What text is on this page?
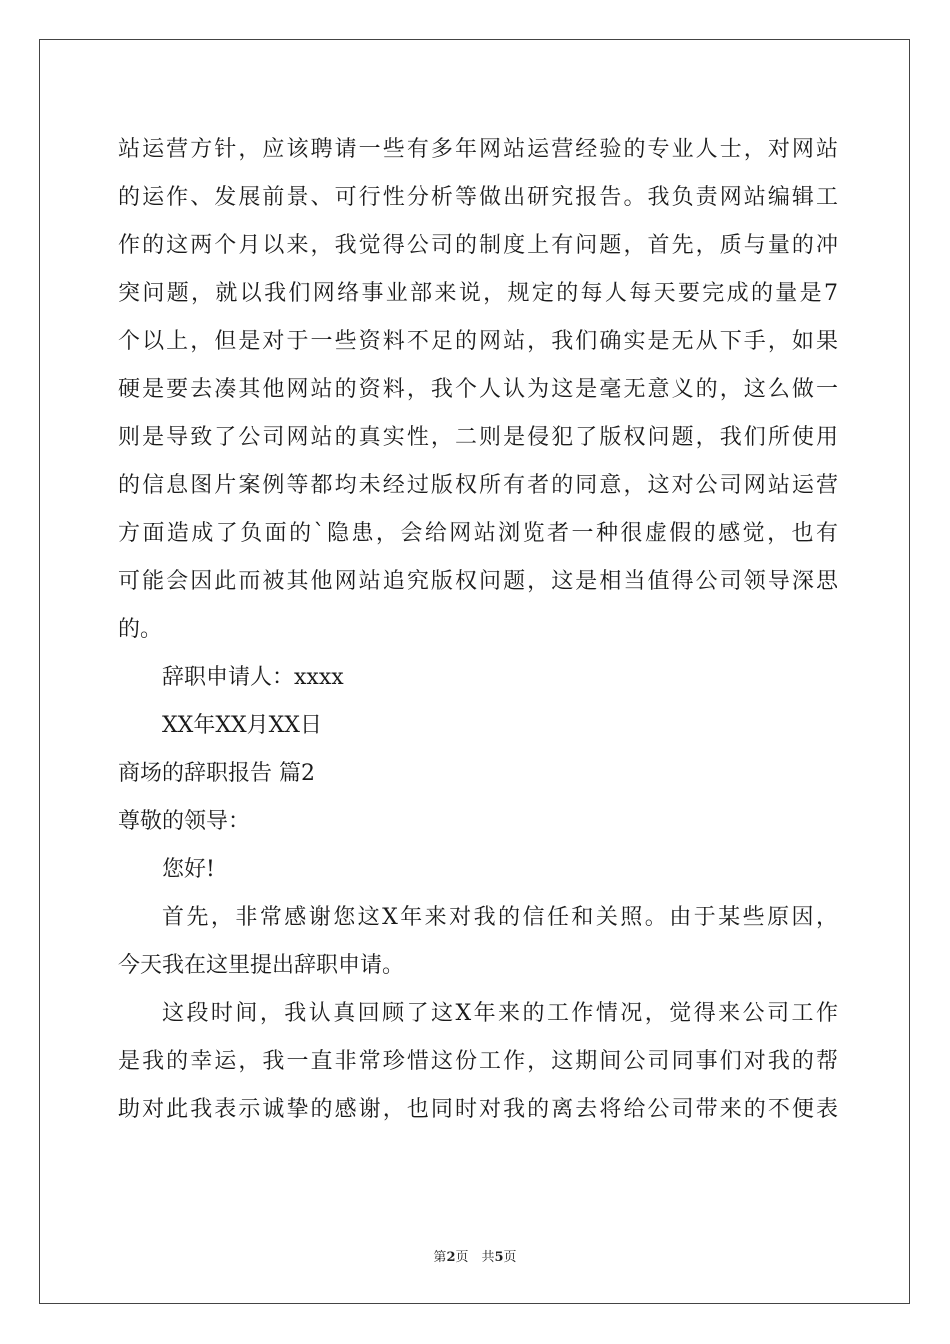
站运营方针，应该聘请一些有多年网站运营经验的专业人士，对网站
的运作、发展前景、可行性分析等做出研究报告。我负责网站编辑工
作的这两个月以来，我觉得公司的制度上有问题，首先，质与量的冲
突问题，就以我们网络事业部来说，规定的每人每天要完成的量是7
个以上，但是对于一些资料不足的网站，我们确实是无从下手，如果
硬是要去凑其他网站的资料，我个人认为这是毫无意义的，这么做一
则是导致了公司网站的真实性，二则是侵犯了版权问题，我们所使用
的信息图片案例等都均未经过版权所有者的同意，这对公司网站运营
方面造成了负面的`隐患，会给网站浏览者一种很虚假的感觉，也有
可能会因此而被其他网站追究版权问题，这是相当值得公司领导深思
的。
辞职申请人：xxxx
XX年XX月XX日
商场的辞职报告 篇2
尊敬的领导：
您好!
首先，非常感谢您这X年来对我的信任和关照。由于某些原因，
今天我在这里提出辞职申请。
这段时间，我认真回顾了这X年来的工作情况，觉得来公司工作
是我的幸运，我一直非常珍惜这份工作，这期间公司同事们对我的帮
助对此我表示诚挚的感谢，也同时对我的离去将给公司带来的不便表
第2页　共5页
